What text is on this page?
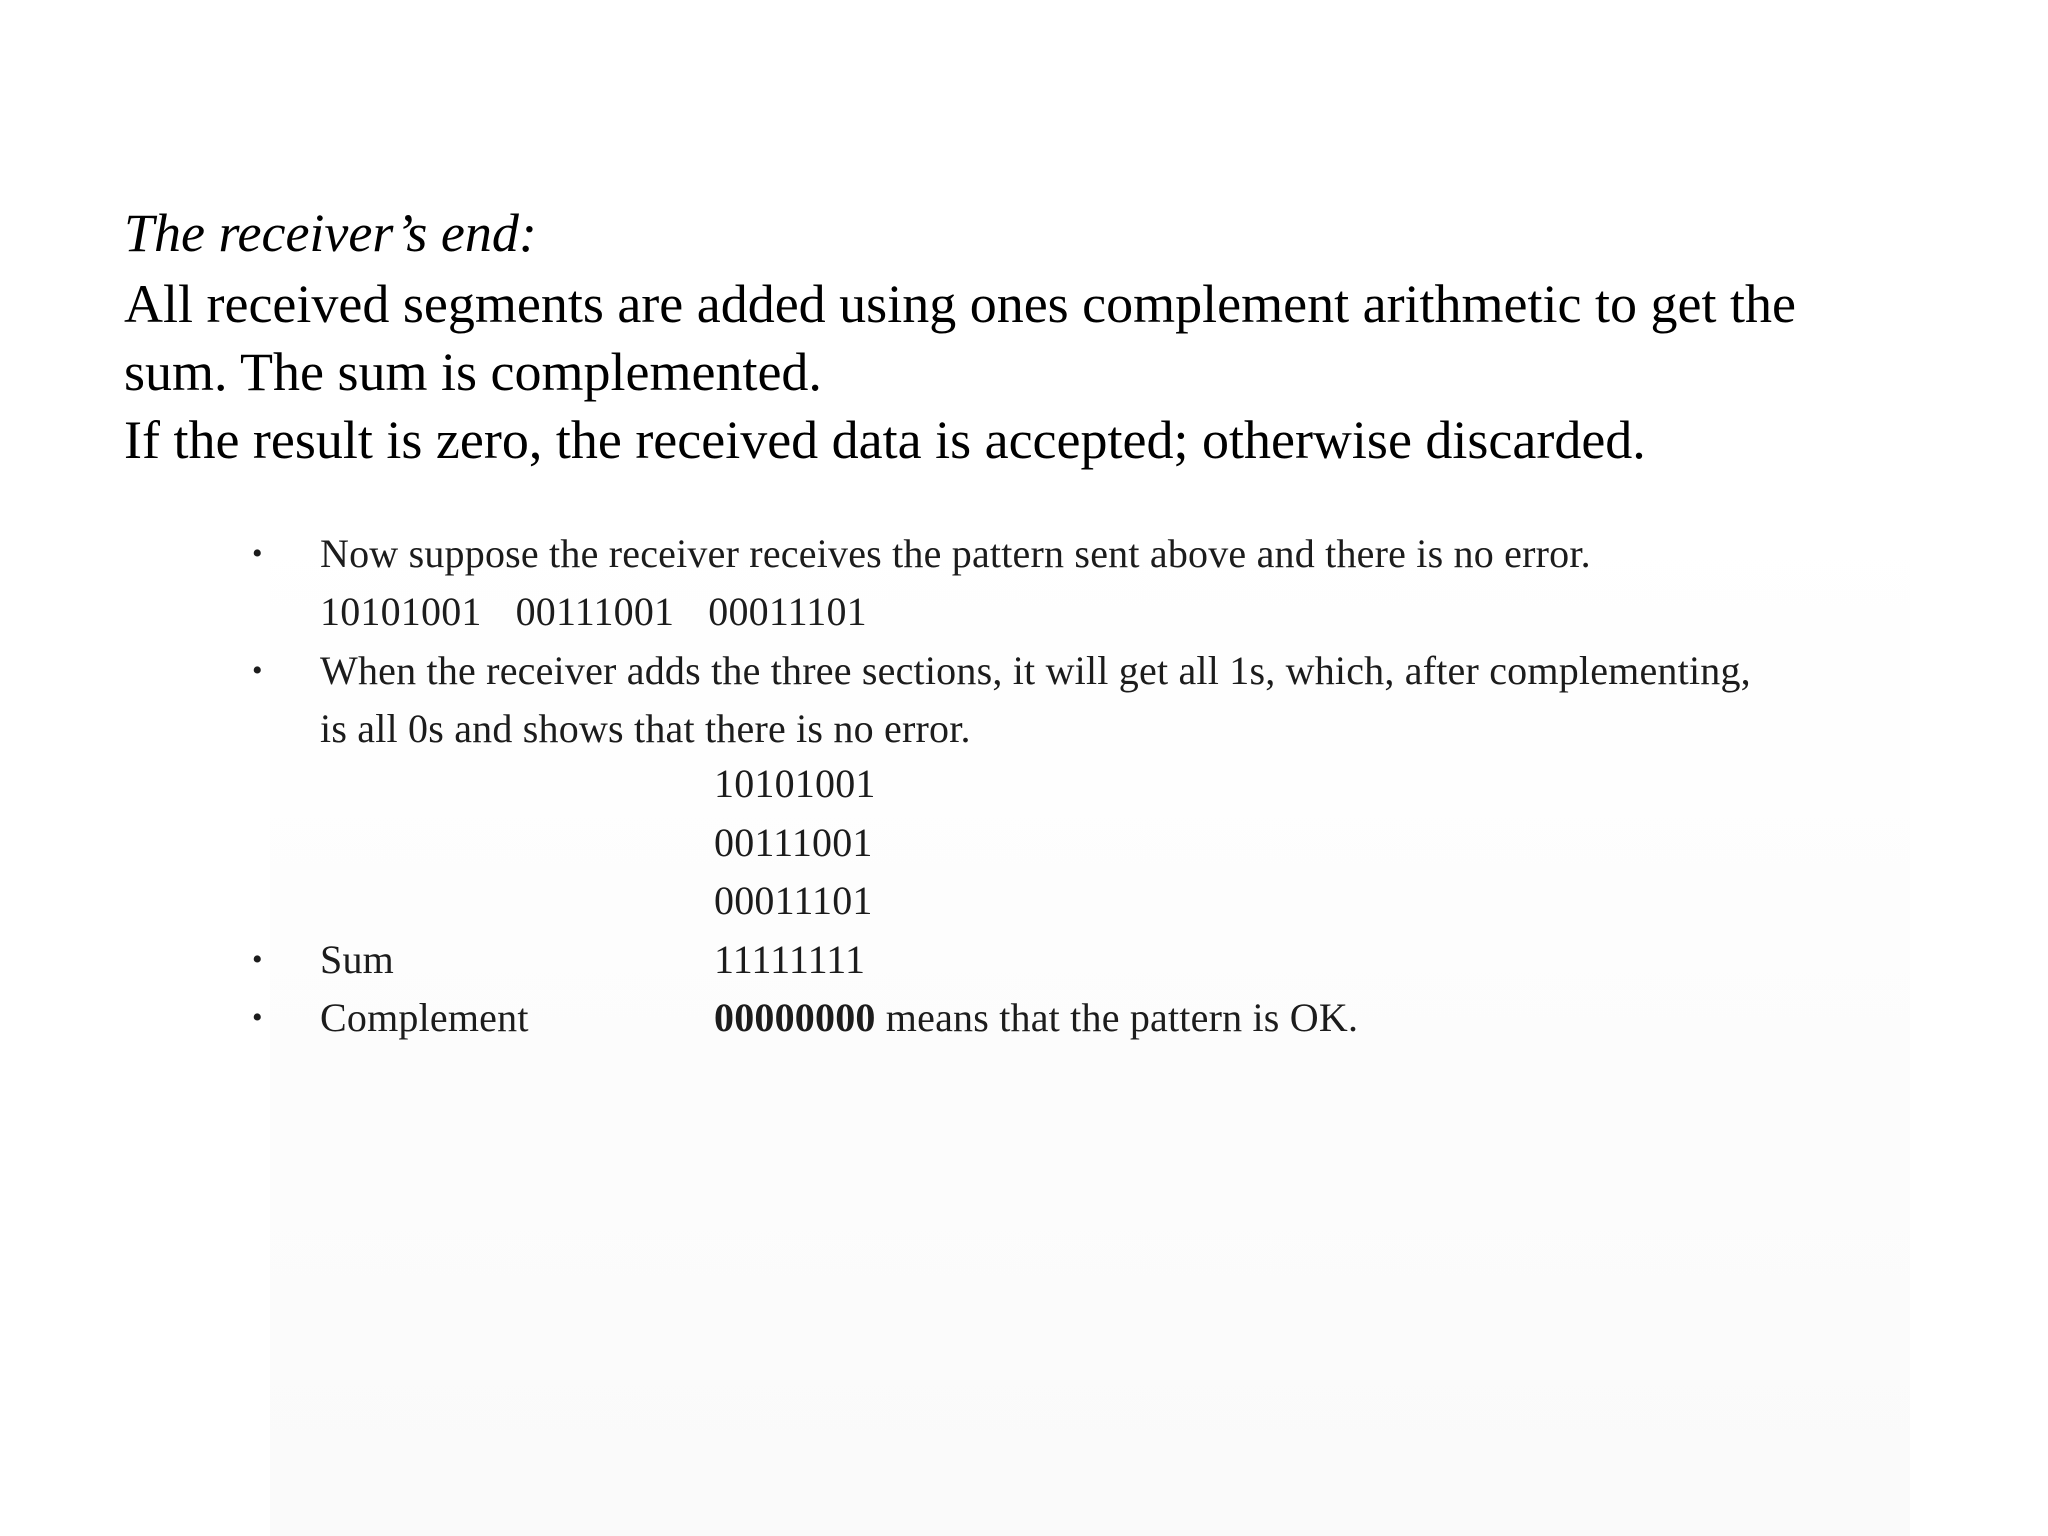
The receiver’s end:
All received segments are added using ones complement arithmetic to get the
sum. The sum is complemented.
If the result is zero, the received data is accepted; otherwise discarded.
• Now suppose the receiver receives the pattern sent above and there is no error.
10101001 00111001 00011101
• When the receiver adds the three sections, it will get all 1s, which, after complementing,
is all 0s and shows that there is no error.
10101001
00111001
00011101
• Sum	11111111
• Complement	00000000 means that the pattern is OK.
